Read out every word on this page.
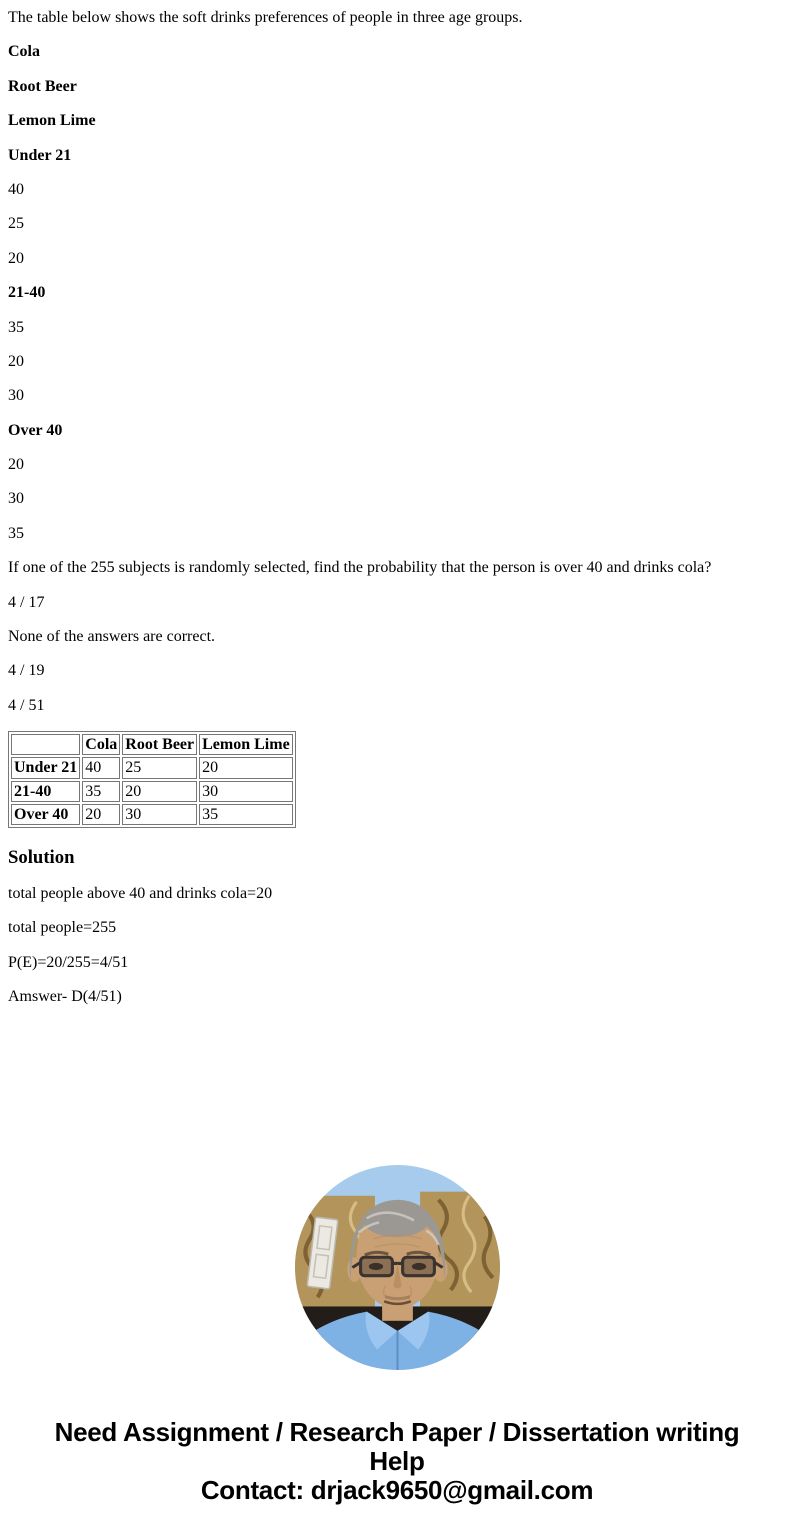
The table below shows the soft drinks preferences of people in three age groups.

Cola

Root Beer

Lemon Lime

Under 21

40

25

20

21-40

35

20

30

Over 40

20

30

35

If one of the 255 subjects is randomly selected, find the probability that the person is over 40 and drinks cola?

4 / 17

None of the answers are correct.

4 / 19

4 / 51

	Cola	Root Beer	Lemon Lime
Under 21	40	25	20
21-40	35	20	30
Over 40	20	30	35
Solution

total people above 40 and drinks cola=20

total people=255

P(E)=20/255=4/51

Amswer- D(4/51)

Need Assignment / Research Paper / Dissertation writing Help
Contact: drjack9650@gmail.com
